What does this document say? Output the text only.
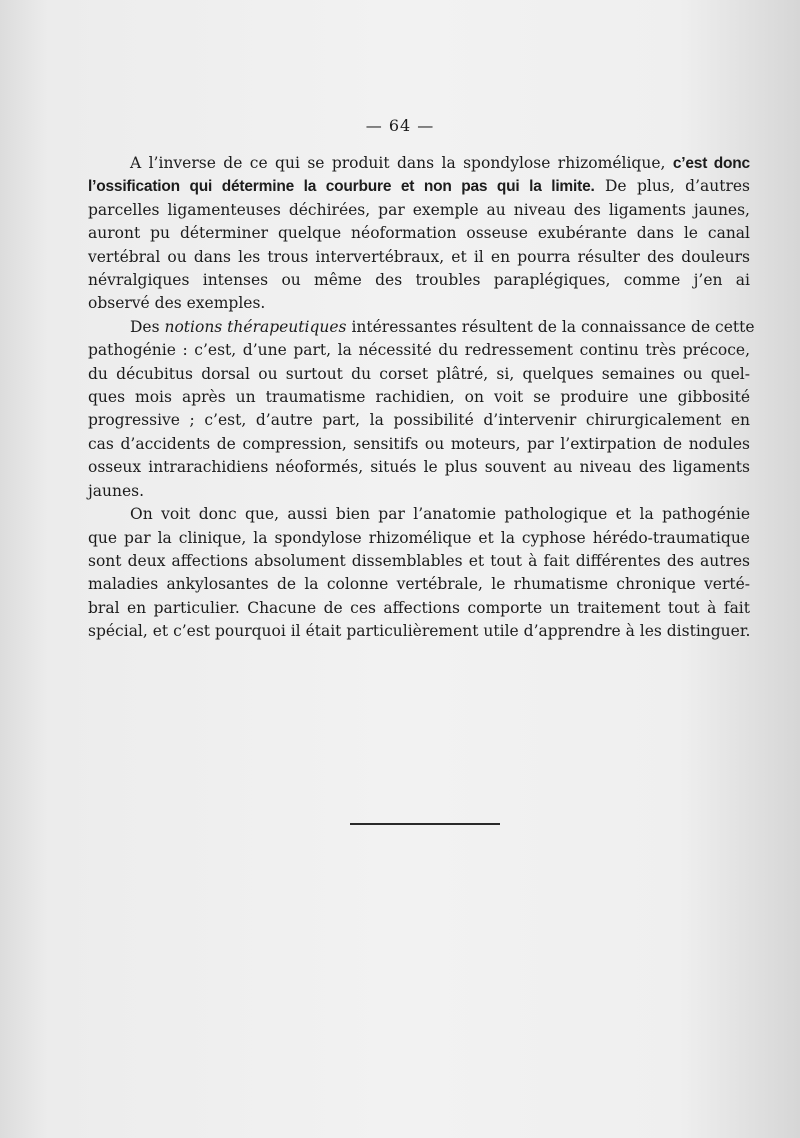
— 64 —
A l’inverse de ce qui se produit dans la spondylose rhizomélique, c’est donc
l’ossification qui détermine la courbure et non pas qui la limite. De plus, d’autres
parcelles ligamenteuses déchirées, par exemple au niveau des ligaments jaunes,
auront pu déterminer quelque néoformation osseuse exubérante dans le canal
vertébral ou dans les trous intervertébraux, et il en pourra résulter des douleurs
névralgiques intenses ou même des troubles paraplégiques, comme j’en ai
observé des exemples.
Des notions thérapeutiques intéressantes résultent de la connaissance de cette
pathogénie : c’est, d’une part, la nécessité du redressement continu très précoce,
du décubitus dorsal ou surtout du corset plâtré, si, quelques semaines ou quel-
ques mois après un traumatisme rachidien, on voit se produire une gibbosité
progressive ; c’est, d’autre part, la possibilité d’intervenir chirurgicalement en
cas d’accidents de compression, sensitifs ou moteurs, par l’extirpation de nodules
osseux intrarachidiens néoformés, situés le plus souvent au niveau des ligaments
jaunes.
On voit donc que, aussi bien par l’anatomie pathologique et la pathogénie
que par la clinique, la spondylose rhizomélique et la cyphose hérédo-traumatique
sont deux affections absolument dissemblables et tout à fait différentes des autres
maladies ankylosantes de la colonne vertébrale, le rhumatisme chronique verté-
bral en particulier. Chacune de ces affections comporte un traitement tout à fait
spécial, et c’est pourquoi il était particulièrement utile d’apprendre à les distinguer.
